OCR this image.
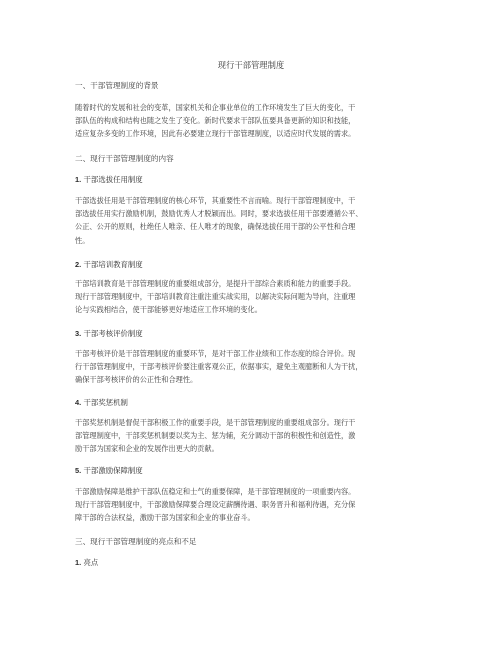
现行干部管理制度
一、干部管理制度的背景
随着时代的发展和社会的变革，国家机关和企事业单位的工作环境发生了巨大的变化，干
部队伍的构成和结构也随之发生了变化。新时代要求干部队伍要具备更新的知识和技能，
适应复杂多变的工作环境，因此有必要建立现行干部管理制度，以适应时代发展的需求。
二、现行干部管理制度的内容
1. 干部选拔任用制度
干部选拔任用是干部管理制度的核心环节，其重要性不言而喻。现行干部管理制度中，干
部选拔任用实行激励机制，鼓励优秀人才脱颖而出。同时，要求选拔任用干部要遵循公平、
公正、公开的原则，杜绝任人唯亲、任人唯才的现象，确保选拔任用干部的公平性和合理
性。
2. 干部培训教育制度
干部培训教育是干部管理制度的重要组成部分，是提升干部综合素质和能力的重要手段。
现行干部管理制度中，干部培训教育注重注重实战实用，以解决实际问题为导向，注重理
论与实践相结合，使干部能够更好地适应工作环境的变化。
3. 干部考核评价制度
干部考核评价是干部管理制度的重要环节，是对干部工作业绩和工作态度的综合评价。现
行干部管理制度中，干部考核评价要注重客观公正，依据事实，避免主观臆断和人为干扰，
确保干部考核评价的公正性和合理性。
4. 干部奖惩机制
干部奖惩机制是督促干部积极工作的重要手段，是干部管理制度的重要组成部分。现行干
部管理制度中，干部奖惩机制要以奖为主、惩为辅，充分调动干部的积极性和创造性，激
励干部为国家和企业的发展作出更大的贡献。
5. 干部激励保障制度
干部激励保障是维护干部队伍稳定和士气的重要保障，是干部管理制度的一项重要内容。
现行干部管理制度中，干部激励保障要合理设定薪酬待遇、职务晋升和福利待遇，充分保
障干部的合法权益，激励干部为国家和企业的事业奋斗。
三、现行干部管理制度的亮点和不足
1. 亮点
